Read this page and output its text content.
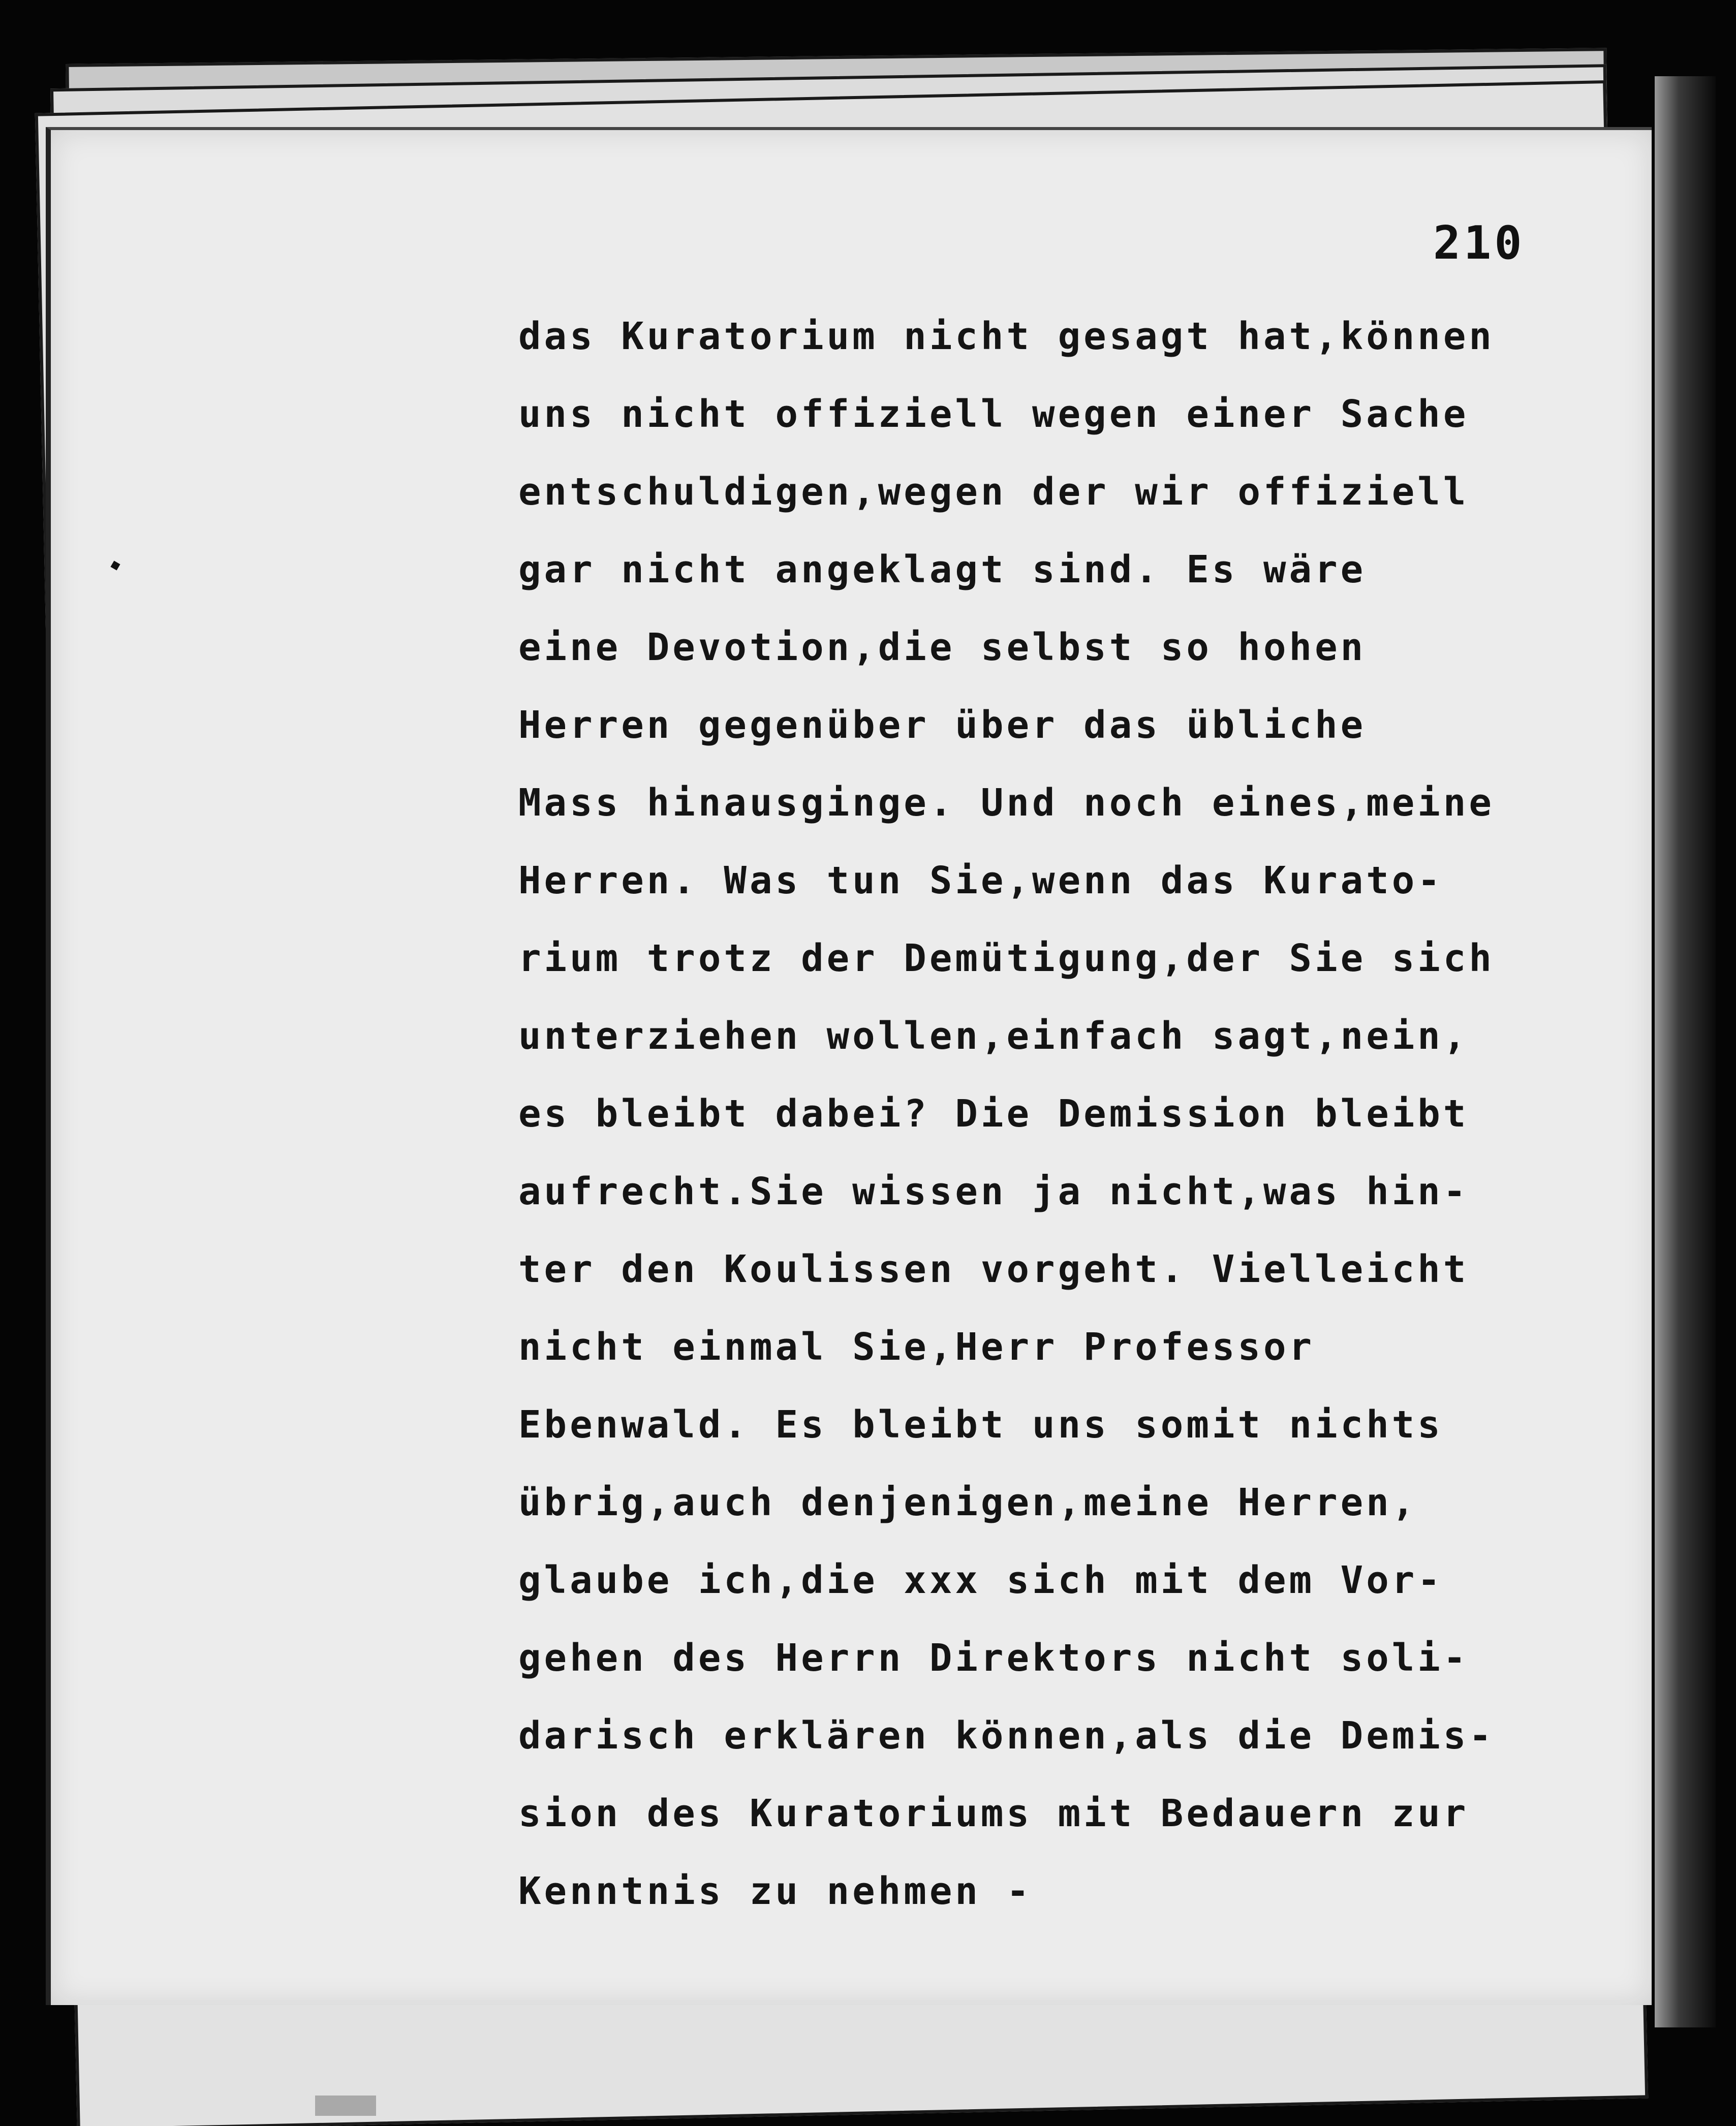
210
das Kuratorium nicht gesagt hat,können
uns nicht offiziell wegen einer Sache
entschuldigen,wegen der wir offiziell
gar nicht angeklagt sind. Es wäre
eine Devotion,die selbst so hohen
Herren gegenüber über das übliche
Mass hinausginge. Und noch eines,meine
Herren. Was tun Sie,wenn das Kurato-
rium trotz der Demütigung,der Sie sich
unterziehen wollen,einfach sagt,nein,
es bleibt dabei? Die Demission bleibt
aufrecht.Sie wissen ja nicht,was hin-
ter den Koulissen vorgeht. Vielleicht
nicht einmal Sie,Herr Professor
Ebenwald. Es bleibt uns somit nichts
übrig,auch denjenigen,meine Herren,
glaube ich,die xxx sich mit dem Vor-
gehen des Herrn Direktors nicht soli-
darisch erklären können,als die Demis-
sion des Kuratoriums mit Bedauern zur
Kenntnis zu nehmen -
